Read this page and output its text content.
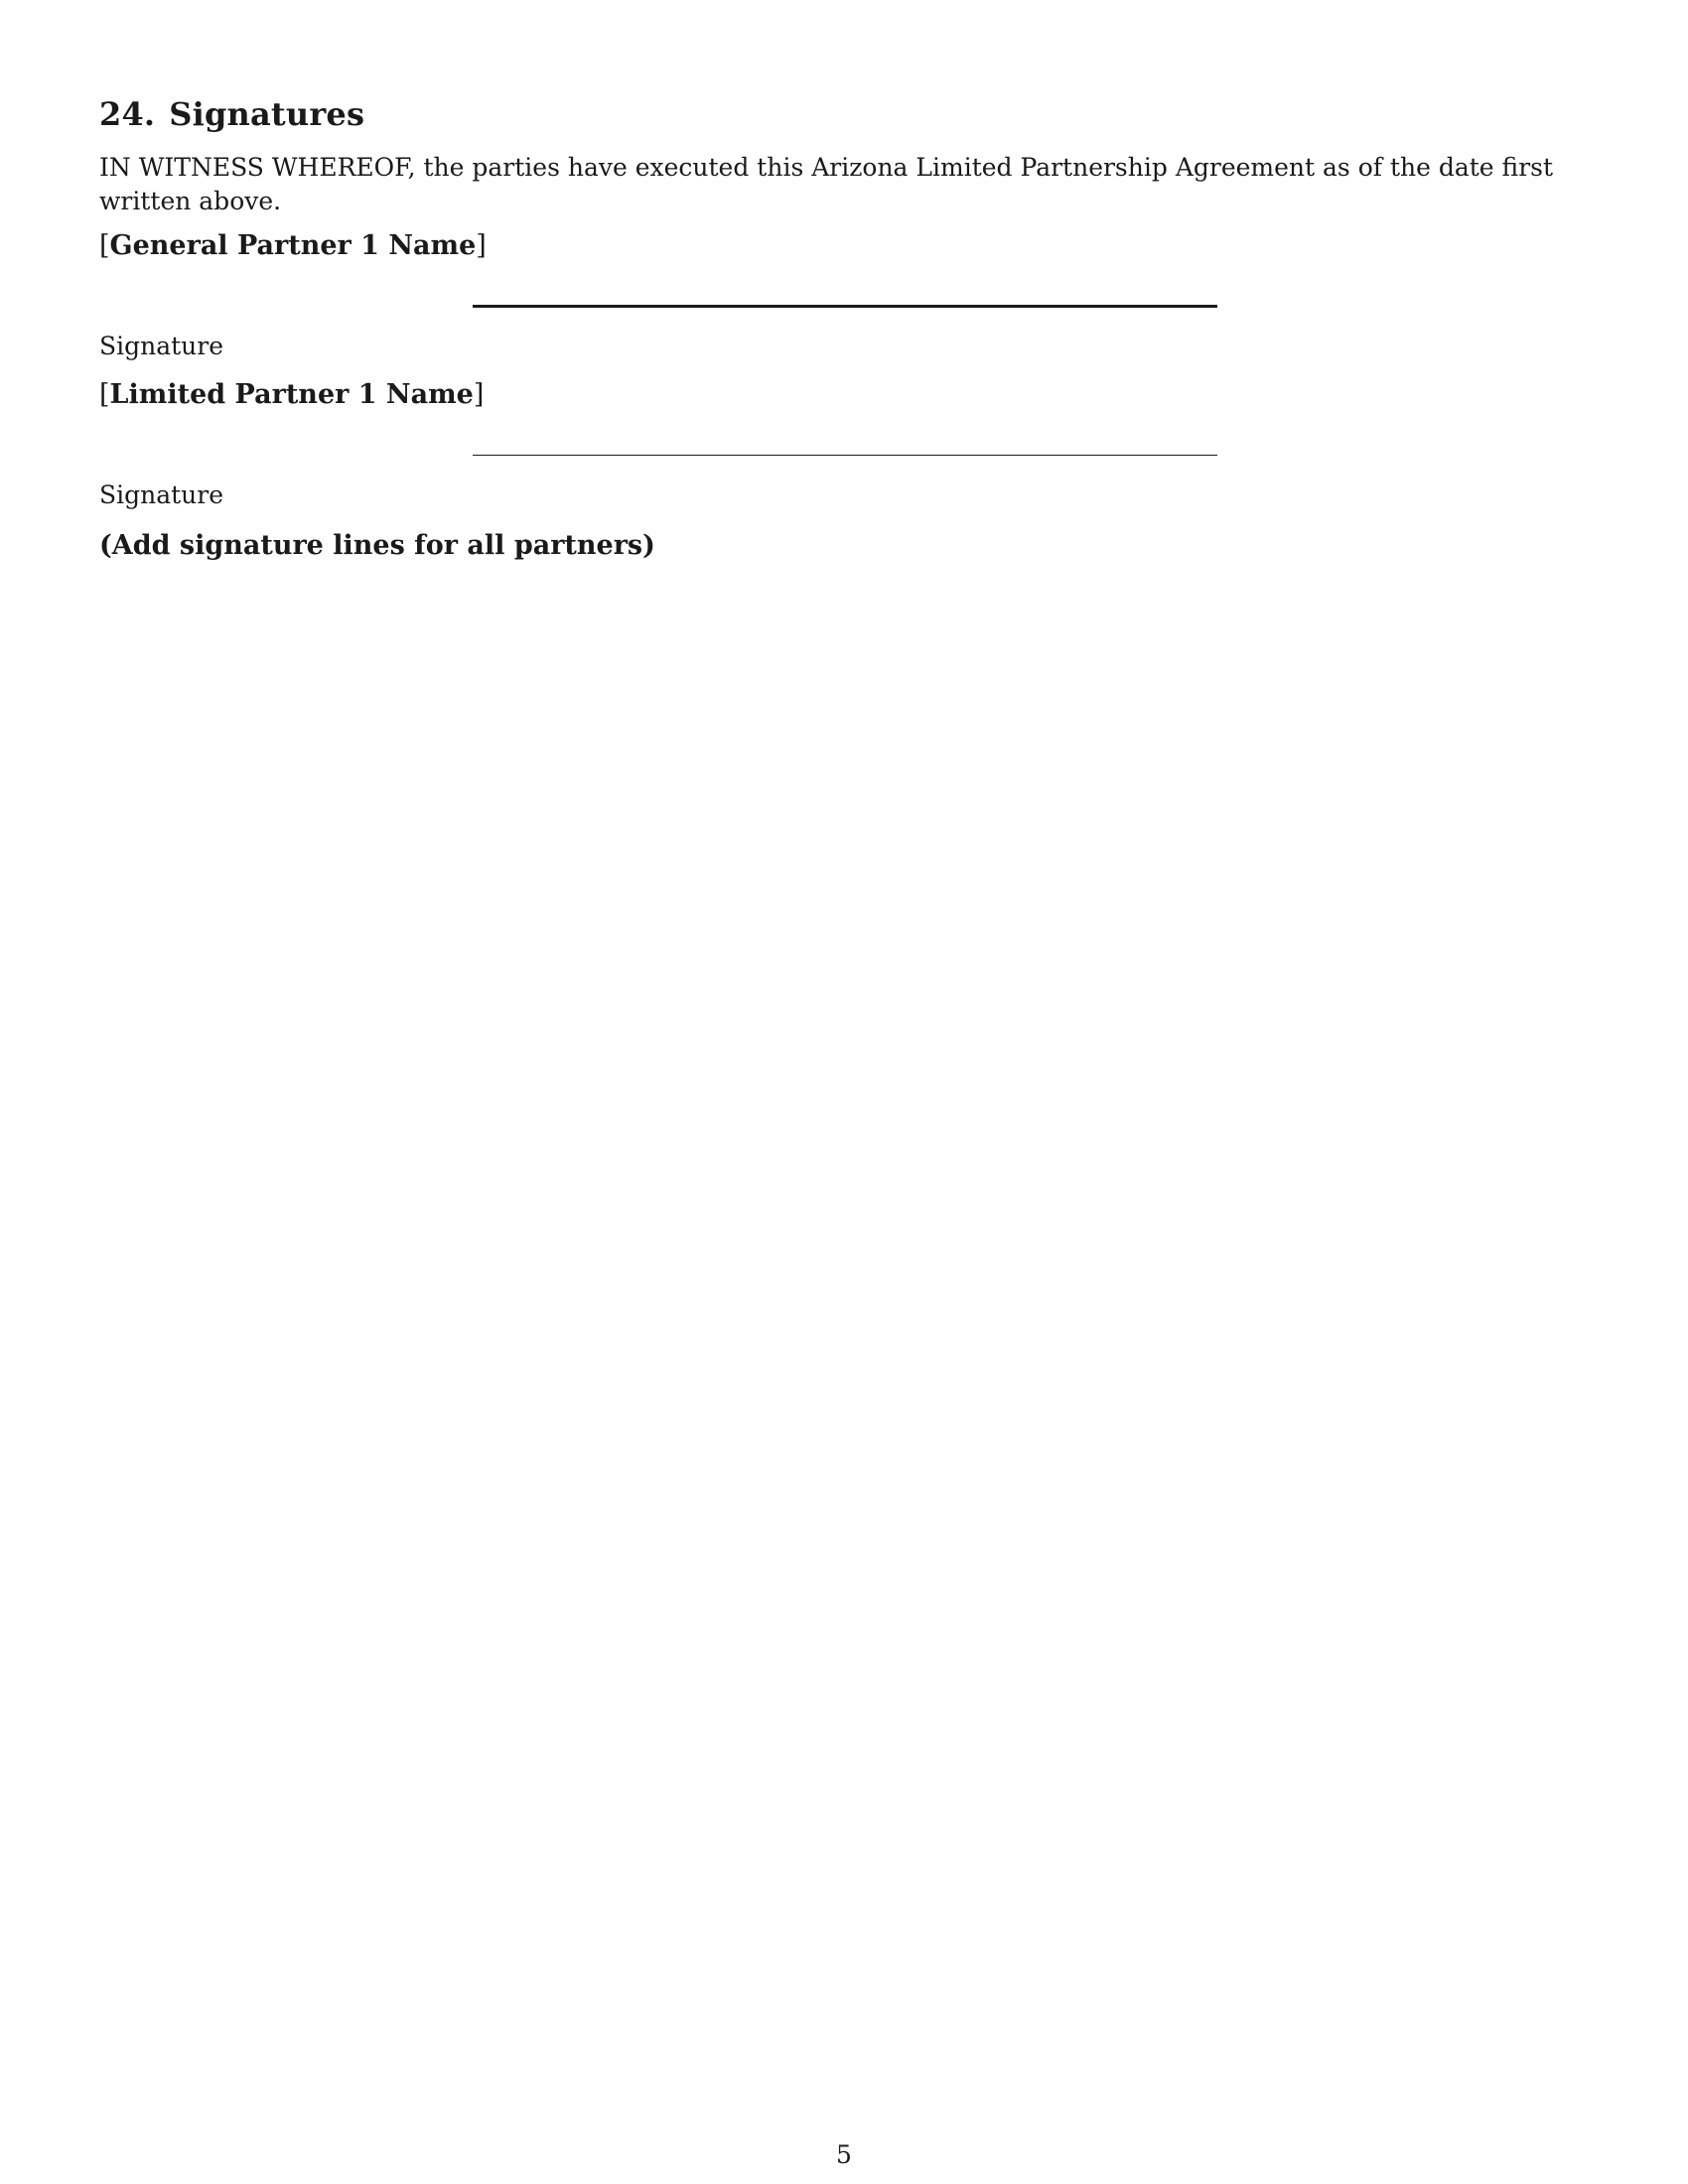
24. Signatures
IN WITNESS WHEREOF, the parties have executed this Arizona Limited Partnership Agreement as of the date first written above.
[General Partner 1 Name]
Signature
[Limited Partner 1 Name]
Signature
(Add signature lines for all partners)
5
